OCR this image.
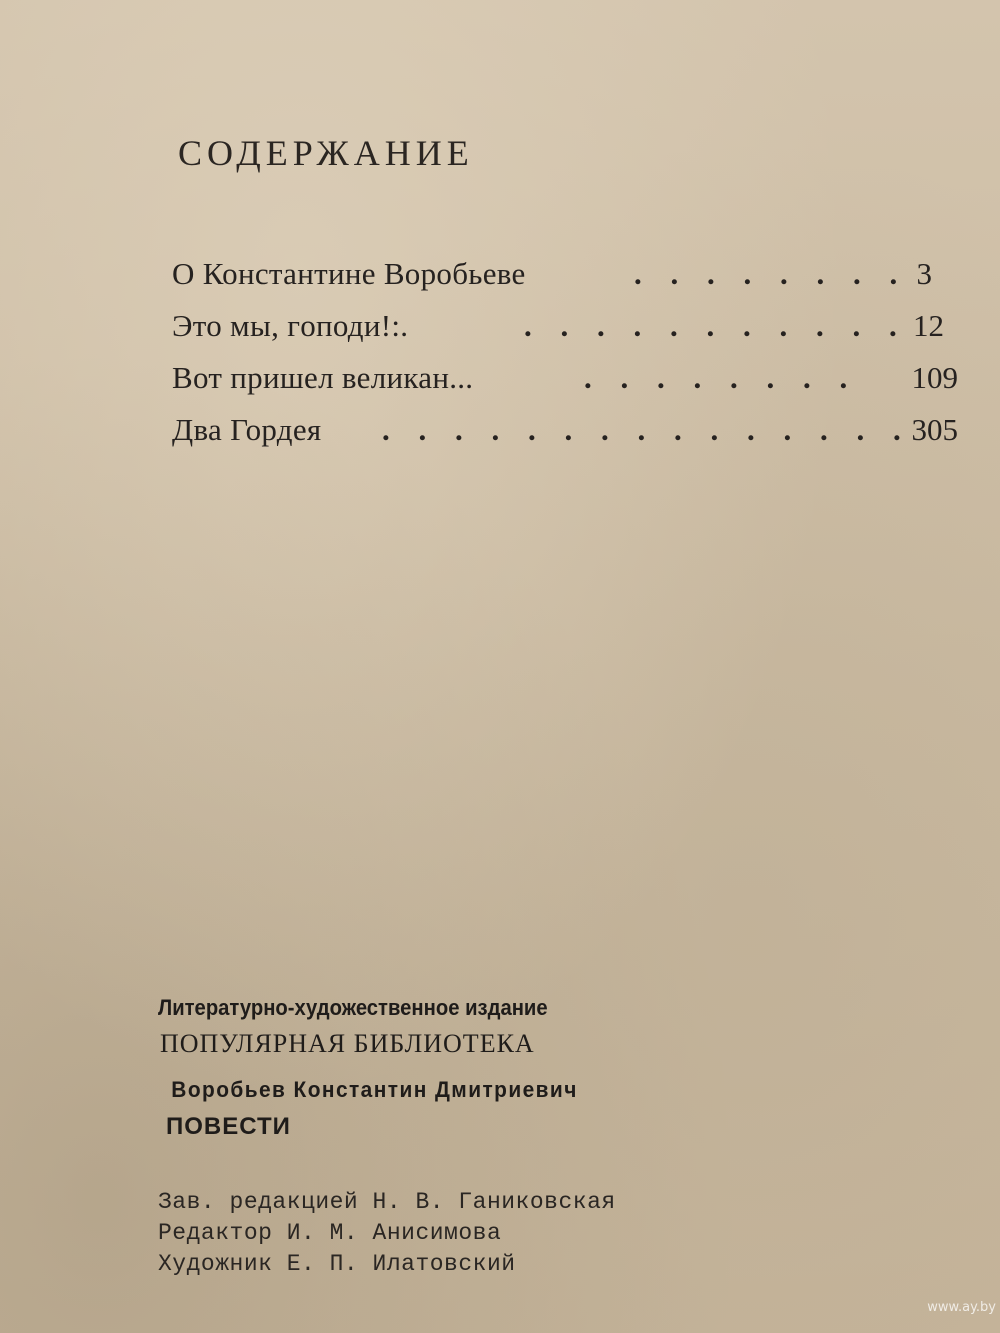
СОДЕРЖАНИЕ
О Константине Воробьеве	. . . . . . . . 3
Это мы, гoподи!:.	. . . . . . . . . . . 12
Вот пришел великан...	. . . . . . . .	109
Два Гордея . . . . . . . . . . . . . . . 305
Литературно-художественное издание
ПОПУЛЯРНАЯ БИБЛИОТЕКА
Воробьев Константин Дмитриевич
ПОВЕСТИ
Зав. редакцией Н. В. Ганиковская
Редактор И. М. Анисимова
Художник Е. П. Илатовский
www.ay.by
